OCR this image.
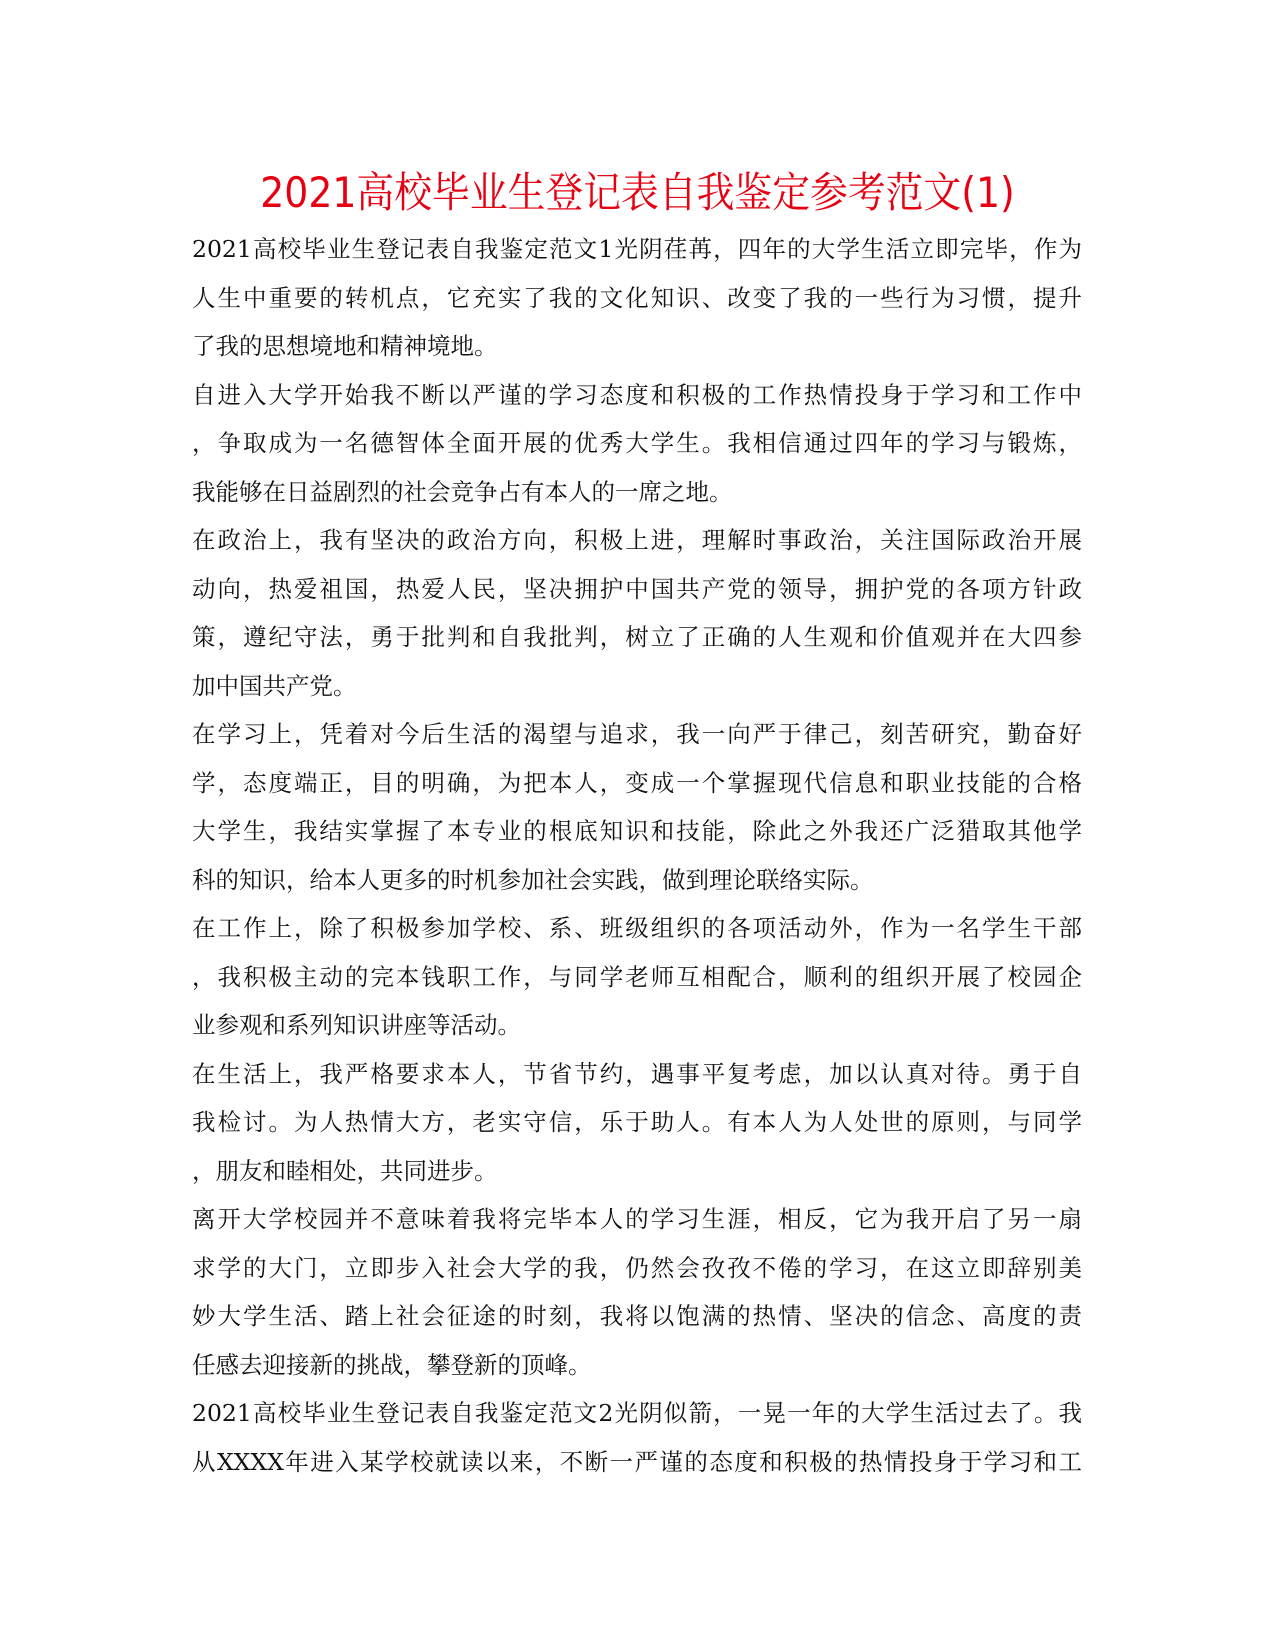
2021高校毕业生登记表自我鉴定参考范文(1)
2021高校毕业生登记表自我鉴定范文1光阴荏苒，四年的大学生活立即完毕，作为
人生中重要的转机点，它充实了我的文化知识、改变了我的一些行为习惯，提升
了我的思想境地和精神境地。
自进入大学开始我不断以严谨的学习态度和积极的工作热情投身于学习和工作中
，争取成为一名德智体全面开展的优秀大学生。我相信通过四年的学习与锻炼，
我能够在日益剧烈的社会竞争占有本人的一席之地。
在政治上，我有坚决的政治方向，积极上进，理解时事政治，关注国际政治开展
动向，热爱祖国，热爱人民，坚决拥护中国共产党的领导，拥护党的各项方针政
策，遵纪守法，勇于批判和自我批判，树立了正确的人生观和价值观并在大四参
加中国共产党。
在学习上，凭着对今后生活的渴望与追求，我一向严于律己，刻苦研究，勤奋好
学，态度端正，目的明确，为把本人，变成一个掌握现代信息和职业技能的合格
大学生，我结实掌握了本专业的根底知识和技能，除此之外我还广泛猎取其他学
科的知识，给本人更多的时机参加社会实践，做到理论联络实际。
在工作上，除了积极参加学校、系、班级组织的各项活动外，作为一名学生干部
，我积极主动的完本钱职工作，与同学老师互相配合，顺利的组织开展了校园企
业参观和系列知识讲座等活动。
在生活上，我严格要求本人，节省节约，遇事平复考虑，加以认真对待。勇于自
我检讨。为人热情大方，老实守信，乐于助人。有本人为人处世的原则，与同学
，朋友和睦相处，共同进步。
离开大学校园并不意味着我将完毕本人的学习生涯，相反，它为我开启了另一扇
求学的大门，立即步入社会大学的我，仍然会孜孜不倦的学习，在这立即辞别美
妙大学生活、踏上社会征途的时刻，我将以饱满的热情、坚决的信念、高度的责
任感去迎接新的挑战，攀登新的顶峰。
2021高校毕业生登记表自我鉴定范文2光阴似箭，一晃一年的大学生活过去了。我
从XXXX年进入某学校就读以来，不断一严谨的态度和积极的热情投身于学习和工
